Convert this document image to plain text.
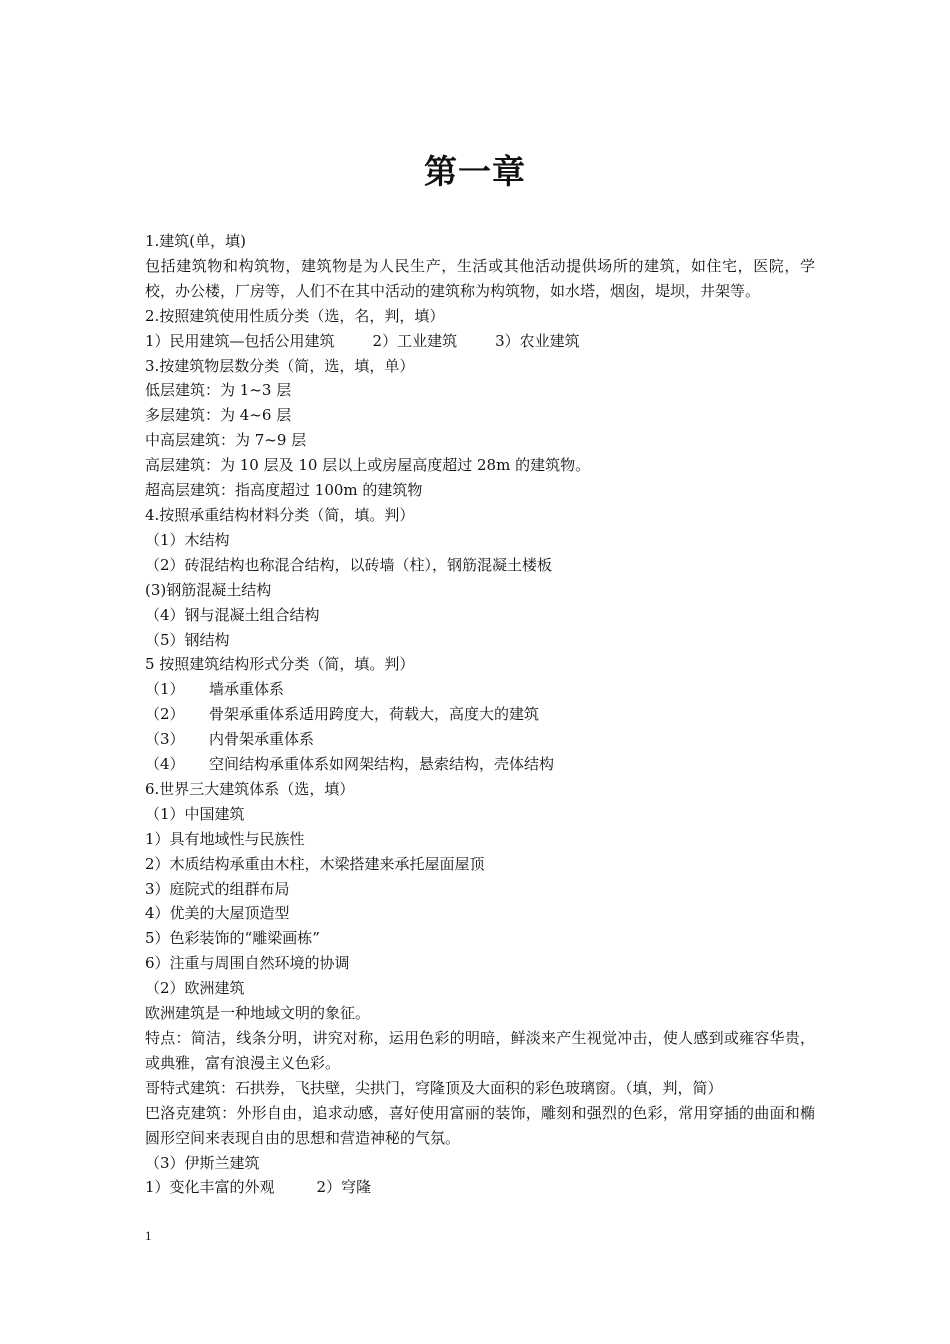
第一章
1.建筑(单，填)
包括建筑物和构筑物，建筑物是为人民生产，生活或其他活动提供场所的建筑，如住宅，医院，学校，办公楼，厂房等，人们不在其中活动的建筑称为构筑物，如水塔，烟囱，堤坝，井架等。
2.按照建筑使用性质分类（选，名，判，填）
1）民用建筑—包括公用建筑	2）工业建筑	3）农业建筑
3.按建筑物层数分类（简，选，填，单）
低层建筑：为 1~3 层
多层建筑：为 4~6 层
中高层建筑：为 7~9 层
高层建筑：为 10 层及 10 层以上或房屋高度超过 28m 的建筑物。
超高层建筑：指高度超过 100m 的建筑物
4.按照承重结构材料分类（简，填。判）
（1）木结构
（2）砖混结构也称混合结构，以砖墙（柱），钢筋混凝土楼板
(3)钢筋混凝土结构
（4）钢与混凝土组合结构
（5）钢结构
5 按照建筑结构形式分类（简，填。判）
（1） 墙承重体系
（2） 骨架承重体系适用跨度大，荷载大，高度大的建筑
（3） 内骨架承重体系
（4） 空间结构承重体系如网架结构，悬索结构，壳体结构
6.世界三大建筑体系（选，填）
（1）中国建筑
1）具有地域性与民族性
2）木质结构承重由木柱，木梁搭建来承托屋面屋顶
3）庭院式的组群布局
4）优美的大屋顶造型
5）色彩装饰的“雕梁画栋”
6）注重与周围自然环境的协调
（2）欧洲建筑
欧洲建筑是一种地域文明的象征。
特点：简洁，线条分明，讲究对称，运用色彩的明暗，鲜淡来产生视觉冲击，使人感到或雍容华贵，或典雅，富有浪漫主义色彩。
哥特式建筑：石拱券，飞扶壁，尖拱门，穹隆顶及大面积的彩色玻璃窗。（填，判，简）
巴洛克建筑：外形自由，追求动感，喜好使用富丽的装饰，雕刻和强烈的色彩，常用穿插的曲面和椭圆形空间来表现自由的思想和营造神秘的气氛。
（3）伊斯兰建筑
1）变化丰富的外观	2）穹隆
1
